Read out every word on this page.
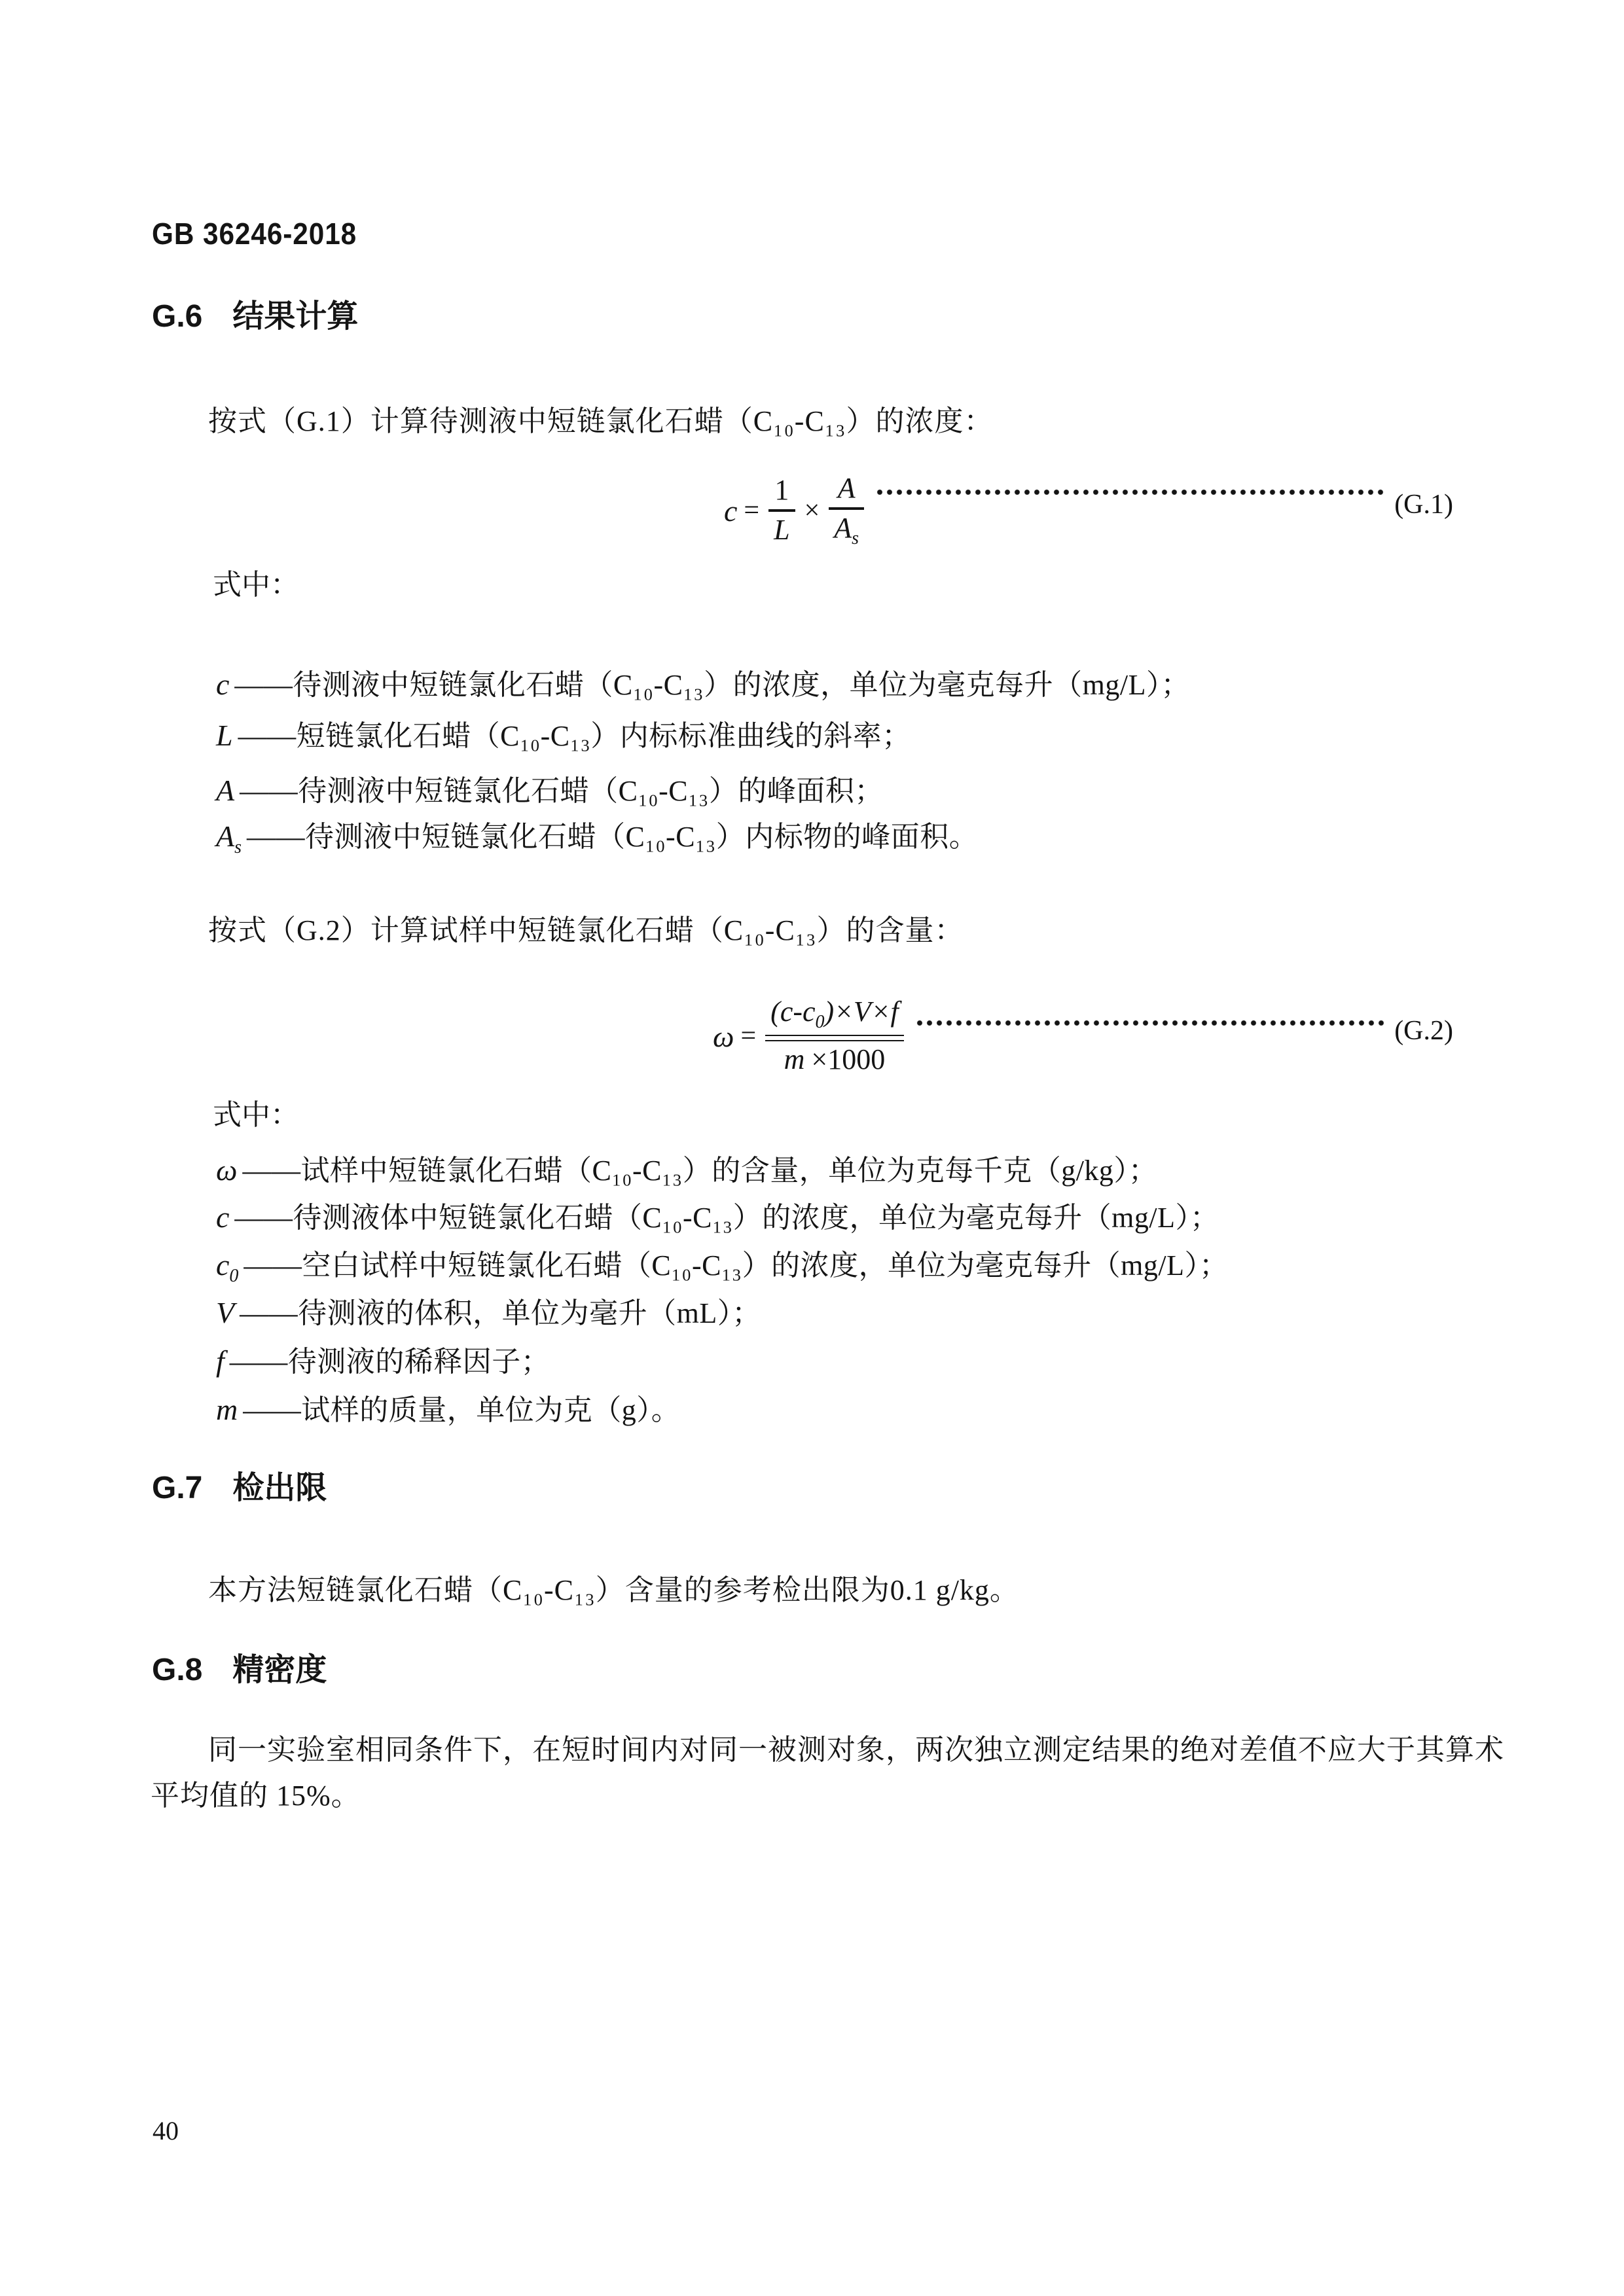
GB 36246-2018
G.6 结果计算
按式（G.1）计算待测液中短链氯化石蜡（C₁₀-C₁₃）的浓度：
$c = \frac{1}{L} \times \frac{A}{A_s}$	(G.1)
式中：
c ——待测液中短链氯化石蜡（C₁₀-C₁₃）的浓度，单位为毫克每升（mg/L）；
L ——短链氯化石蜡（C₁₀-C₁₃）内标标准曲线的斜率；
A ——待测液中短链氯化石蜡（C₁₀-C₁₃）的峰面积；
$A_s$ ——待测液中短链氯化石蜡（C₁₀-C₁₃）内标物的峰面积。
按式（G.2）计算试样中短链氯化石蜡（C₁₀-C₁₃）的含量：
ω =
$(c-c_0)\times V\times f$
m ×1000
(G.2)
式中：
ω ——试样中短链氯化石蜡（C₁₀-C₁₃）的含量，单位为克每千克（g/kg）；
c ——待测液体中短链氯化石蜡（C₁₀-C₁₃）的浓度，单位为毫克每升（mg/L）；
$c_0$ ——空白试样中短链氯化石蜡（C₁₀-C₁₃）的浓度，单位为毫克每升（mg/L）；
V ——待测液的体积，单位为毫升（mL）；
f ——待测液的稀释因子；
m ——试样的质量，单位为克（g）。
G.7 检出限
本方法短链氯化石蜡（C₁₀-C₁₃）含量的参考检出限为0.1 g/kg。
G.8 精密度
同一实验室相同条件下，在短时间内对同一被测对象，两次独立测定结果的绝对差值不应大于其算术
平均值的 15%。
40
